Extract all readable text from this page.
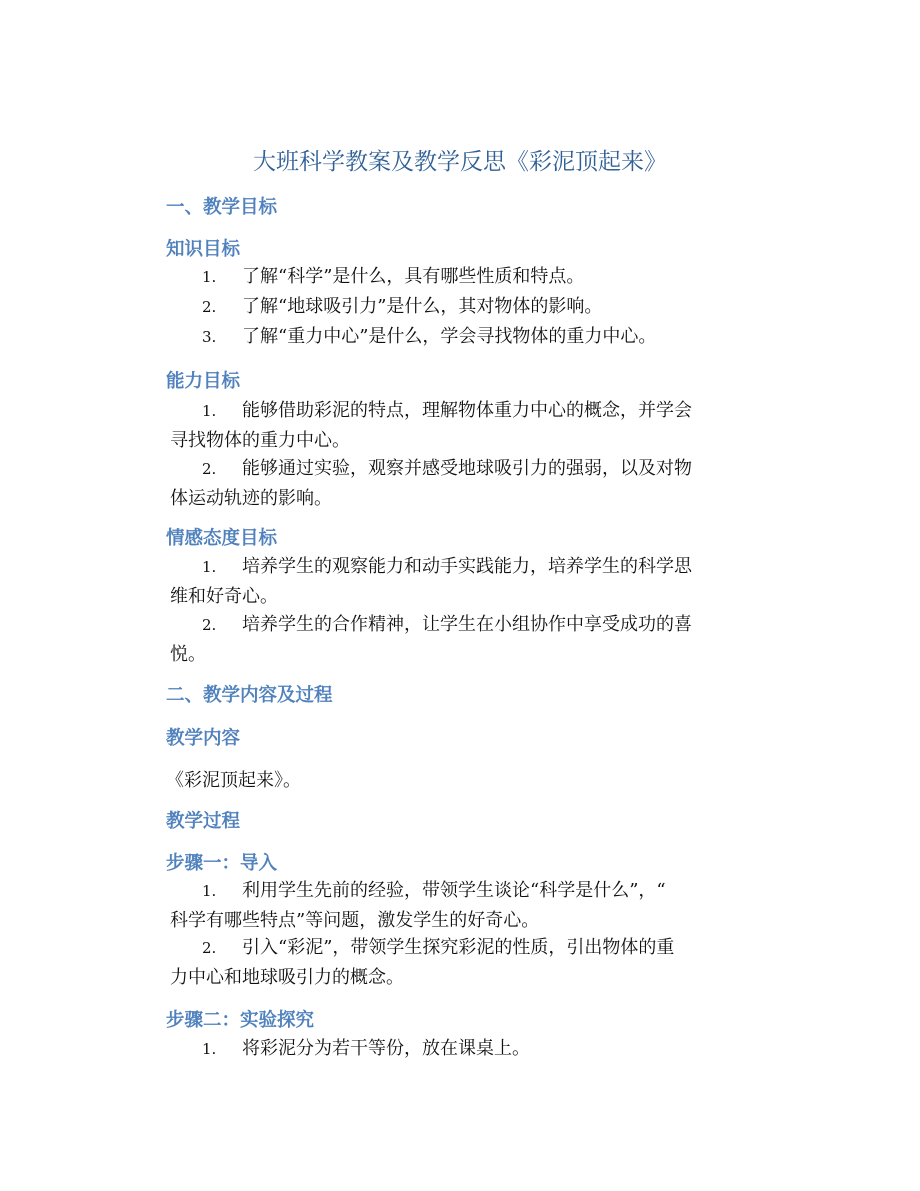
大班科学教案及教学反思《彩泥顶起来》
一、教学目标
知识目标
1.	了解“科学”是什么，具有哪些性质和特点。
2.	了解“地球吸引力”是什么，其对物体的影响。
3.	了解“重力中心”是什么，学会寻找物体的重力中心。
能力目标
1.	能够借助彩泥的特点，理解物体重力中心的概念，并学会
寻找物体的重力中心。
2.	能够通过实验，观察并感受地球吸引力的强弱，以及对物
体运动轨迹的影响。
情感态度目标
1.	培养学生的观察能力和动手实践能力，培养学生的科学思
维和好奇心。
2.	培养学生的合作精神，让学生在小组协作中享受成功的喜
悦。
二、教学内容及过程
教学内容
《彩泥顶起来》。
教学过程
步骤一：导入
1.	利用学生先前的经验，带领学生谈论“科学是什么”，“
科学有哪些特点”等问题，激发学生的好奇心。
2.	引入“彩泥”，带领学生探究彩泥的性质，引出物体的重
力中心和地球吸引力的概念。
步骤二：实验探究
1.	将彩泥分为若干等份，放在课桌上。
